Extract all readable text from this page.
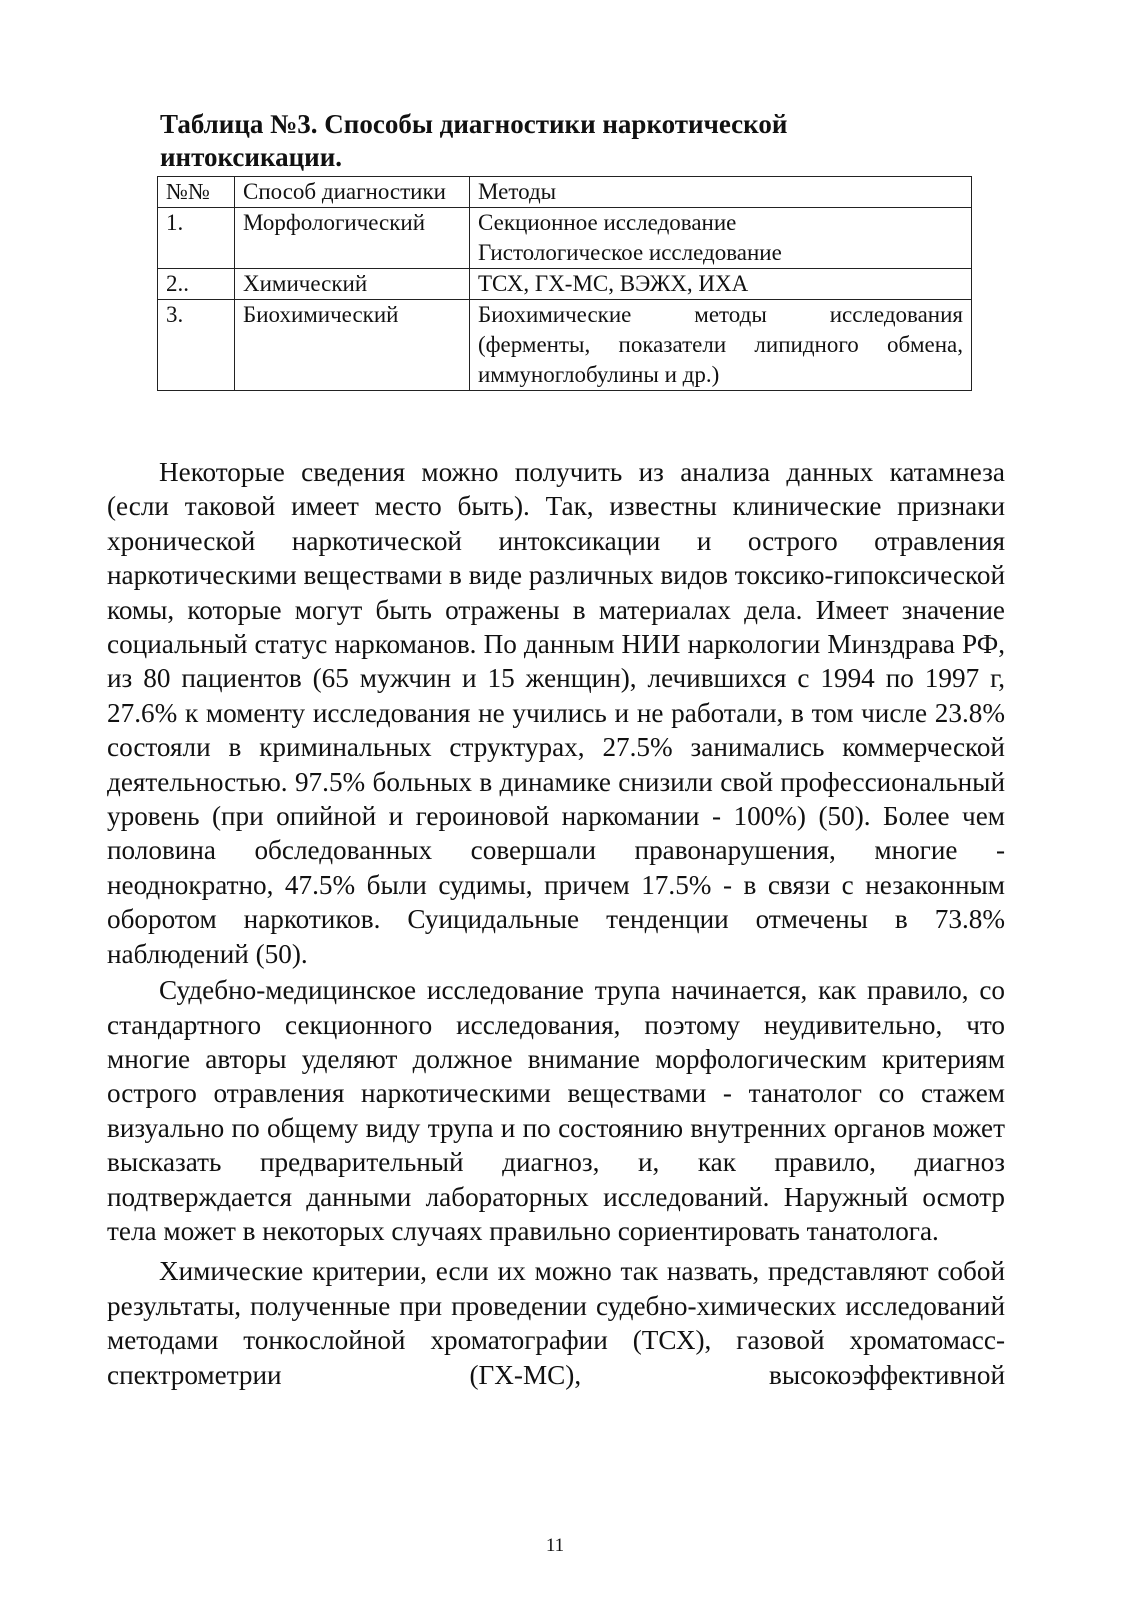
Таблица №3. Способы диагностики наркотической интоксикации.
№№	Способ диагностики	Методы
1.	Морфологический	Секционное исследование
Гистологическое исследование

2..	Химический	ТСХ, ГХ-МС, ВЭЖХ, ИХА

3.	Биохимический	Биохимические методы исследования (ферменты, показатели липидного обмена, иммуноглобулины и др.)

Некоторые сведения можно получить из анализа данных катамнеза (если таковой имеет место быть). Так, известны клинические признаки хронической наркотической интоксикации и острого отравления наркотическими веществами в виде различных видов токсико-гипоксической комы, которые могут быть отражены в материалах дела. Имеет значение социальный статус наркоманов. По данным НИИ наркологии Минздрава РФ, из 80 пациентов (65 мужчин и 15 женщин), лечившихся с 1994 по 1997 г, 27.6% к моменту исследования не учились и не работали, в том числе 23.8% состояли в криминальных структурах, 27.5% занимались коммерческой деятельностью. 97.5% больных в динамике снизили свой профессиональный уровень (при опийной и героиновой наркомании - 100%) (50). Более чем половина обследованных совершали правонарушения, многие - неоднократно, 47.5% были судимы, причем 17.5% - в связи с незаконным оборотом наркотиков. Суицидальные тенденции отмечены в 73.8% наблюдений (50).

Судебно-медицинское исследование трупа начинается, как правило, со стандартного секционного исследования, поэтому неудивительно, что многие авторы уделяют должное внимание морфологическим критериям острого отравления наркотическими веществами - танатолог со стажем визуально по общему виду трупа и по состоянию внутренних органов может высказать предварительный диагноз, и, как правило, диагноз подтверждается данными лабораторных исследований. Наружный осмотр тела может в некоторых случаях правильно сориентировать танатолога.

Химические критерии, если их можно так назвать, представляют собой результаты, полученные при проведении судебно-химических исследований методами тонкослойной хроматографии (ТСХ), газовой хроматомасс-спектрометрии (ГХ-МС), высокоэффективной

11
